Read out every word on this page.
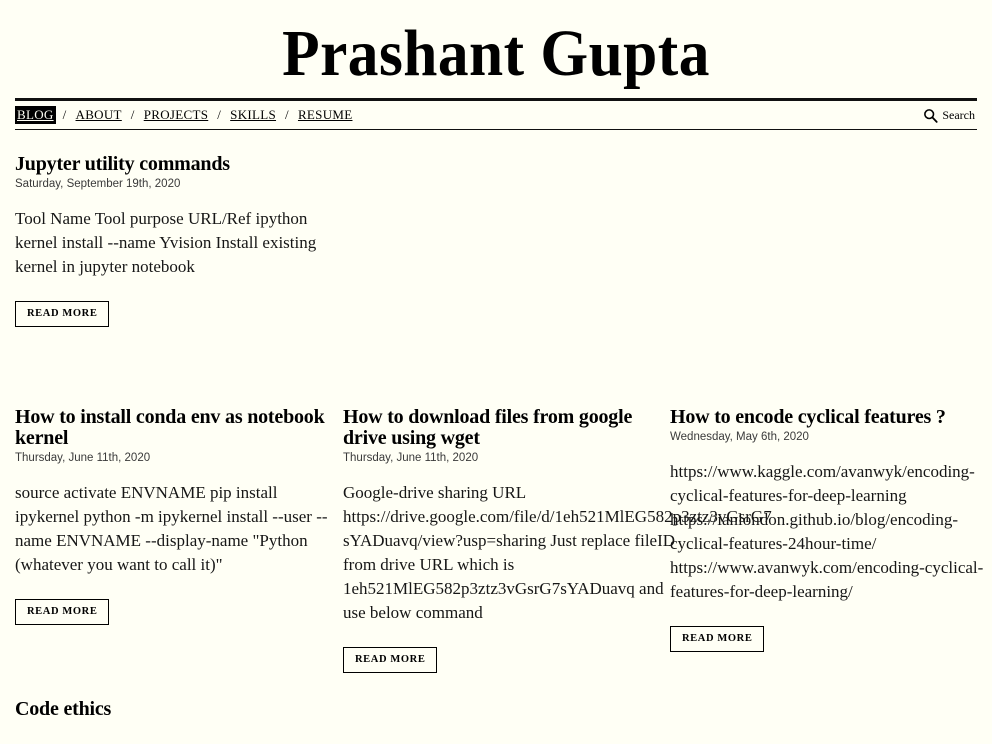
Prashant Gupta
BLOG / ABOUT / PROJECTS / SKILLS / RESUME	Search
Jupyter utility commands
Saturday, September 19th, 2020
Tool Name Tool purpose URL/Ref ipython
kernel install --name Yvision Install existing
kernel in jupyter notebook
READ MORE
How to install conda env as notebook kernel
Thursday, June 11th, 2020
source activate ENVNAME pip install
ipykernel python -m ipykernel install --user --
name ENVNAME --display-name "Python
(whatever you want to call it)"
READ MORE
How to download files from google drive using wget
Thursday, June 11th, 2020
Google-drive sharing URL
https://drive.google.com/file/d/1eh521MlEG582p3ztz3vGsrG7
sYADuavq/view?usp=sharing Just replace fileID
from drive URL which is
1eh521MlEG582p3ztz3vGsrG7sYADuavq and
use below command
READ MORE
How to encode cyclical features ?
Wednesday, May 6th, 2020
https://www.kaggle.com/avanwyk/encoding-
cyclical-features-for-deep-learning
https://ianlondon.github.io/blog/encoding-
cyclical-features-24hour-time/
https://www.avanwyk.com/encoding-cyclical-
features-for-deep-learning/
READ MORE
Code ethics
